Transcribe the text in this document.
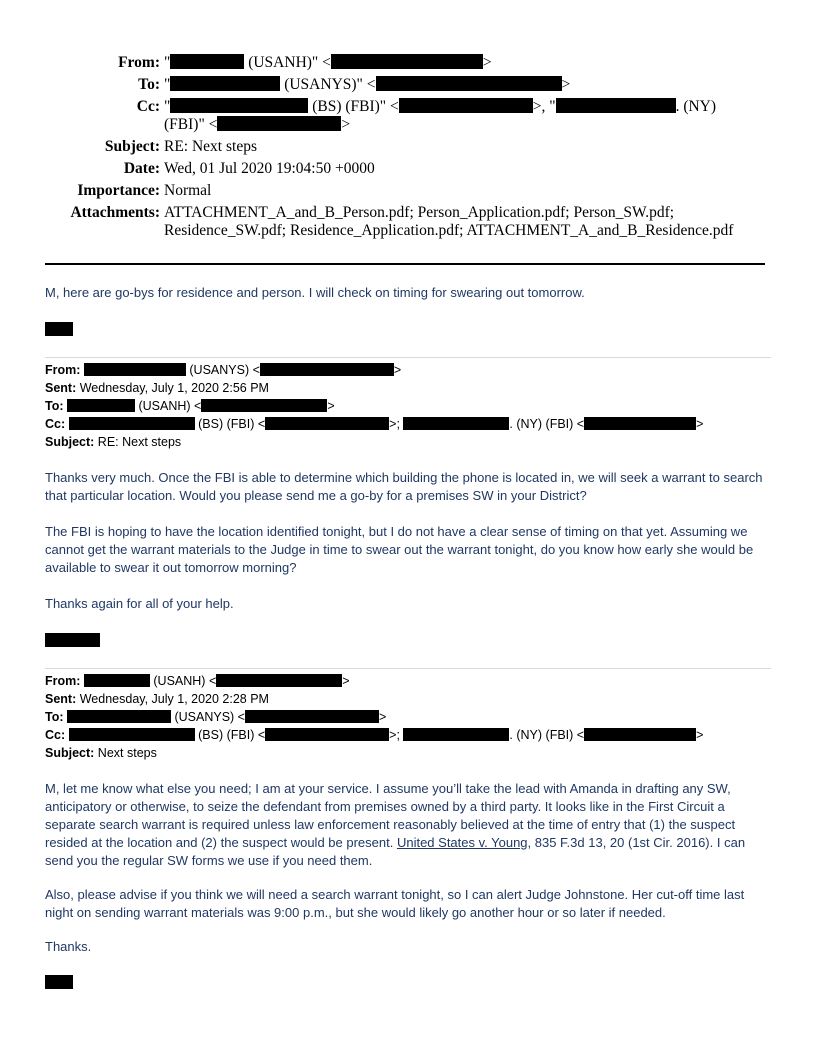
From: "	(USANH)" <	>
To: "	(USANYS)" <	>
Cc: "	(BS) (FBI)" <	>, "	. (NY)
(FBI)" <	>
Subject: RE: Next steps
Date: Wed, 01 Jul 2020 19:04:50 +0000
Importance: Normal
Attachments: ATTACHMENT_A_and_B_Person.pdf; Person_Application.pdf; Person_SW.pdf;
Residence_SW.pdf; Residence_Application.pdf; ATTACHMENT_A_and_B_Residence.pdf
M, here are go-bys for residence and person. I will check on timing for swearing out tomorrow.
From:	(USANYS) <	>
Sent: Wednesday, July 1, 2020 2:56 PM
To:	(USANH) <	>
Cc:	(BS) (FBI) <	>;	. (NY) (FBI) <	>
Subject: RE: Next steps
Thanks very much. Once the FBI is able to determine which building the phone is located in, we will seek a warrant to search that particular location. Would you please send me a go-by for a premises SW in your District?
The FBI is hoping to have the location identified tonight, but I do not have a clear sense of timing on that yet. Assuming we cannot get the warrant materials to the Judge in time to swear out the warrant tonight, do you know how early she would be available to swear it out tomorrow morning?
Thanks again for all of your help.
From:	(USANH) <	>
Sent: Wednesday, July 1, 2020 2:28 PM
To:	(USANYS) <	>
Cc:	(BS) (FBI) <	>;	. (NY) (FBI) <	>
Subject: Next steps
M, let me know what else you need; I am at your service. I assume you’ll take the lead with Amanda in drafting any SW, anticipatory or otherwise, to seize the defendant from premises owned by a third party. It looks like in the First Circuit a separate search warrant is required unless law enforcement reasonably believed at the time of entry that (1) the suspect resided at the location and (2) the suspect would be present. United States v. Young, 835 F.3d 13, 20 (1st Cir. 2016). I can send you the regular SW forms we use if you need them.
Also, please advise if you think we will need a search warrant tonight, so I can alert Judge Johnstone. Her cut-off time last night on sending warrant materials was 9:00 p.m., but she would likely go another hour or so later if needed.
Thanks.
